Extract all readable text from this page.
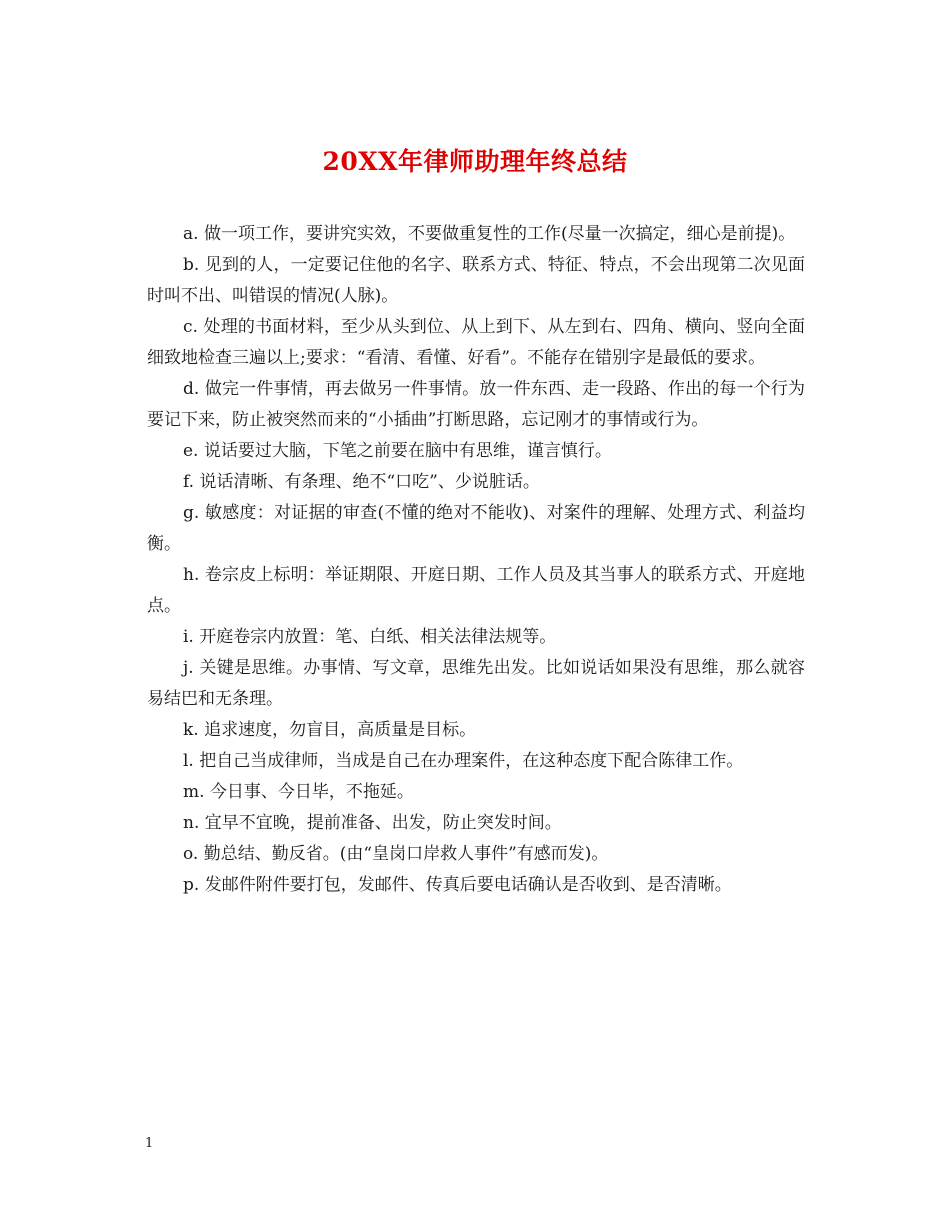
20XX年律师助理年终总结

a. 做一项工作，要讲究实效，不要做重复性的工作(尽量一次搞定，细心是前提)。

b. 见到的人，一定要记住他的名字、联系方式、特征、特点，不会出现第二次见面时叫不出、叫错误的情况(人脉)。

c. 处理的书面材料，至少从头到位、从上到下、从左到右、四角、横向、竖向全面细致地检查三遍以上;要求：“看清、看懂、好看”。不能存在错别字是最低的要求。

d. 做完一件事情，再去做另一件事情。放一件东西、走一段路、作出的每一个行为要记下来，防止被突然而来的“小插曲”打断思路，忘记刚才的事情或行为。

e. 说话要过大脑，下笔之前要在脑中有思维，谨言慎行。

f. 说话清晰、有条理、绝不“口吃”、少说脏话。

g. 敏感度：对证据的审查(不懂的绝对不能收)、对案件的理解、处理方式、利益均衡。

h. 卷宗皮上标明：举证期限、开庭日期、工作人员及其当事人的联系方式、开庭地点。

i. 开庭卷宗内放置：笔、白纸、相关法律法规等。

j. 关键是思维。办事情、写文章，思维先出发。比如说话如果没有思维，那么就容易结巴和无条理。

k. 追求速度，勿盲目，高质量是目标。

l. 把自己当成律师，当成是自己在办理案件，在这种态度下配合陈律工作。

m. 今日事、今日毕，不拖延。

n. 宜早不宜晚，提前准备、出发，防止突发时间。

o. 勤总结、勤反省。(由“皇岗口岸救人事件”有感而发)。

p. 发邮件附件要打包，发邮件、传真后要电话确认是否收到、是否清晰。

1
